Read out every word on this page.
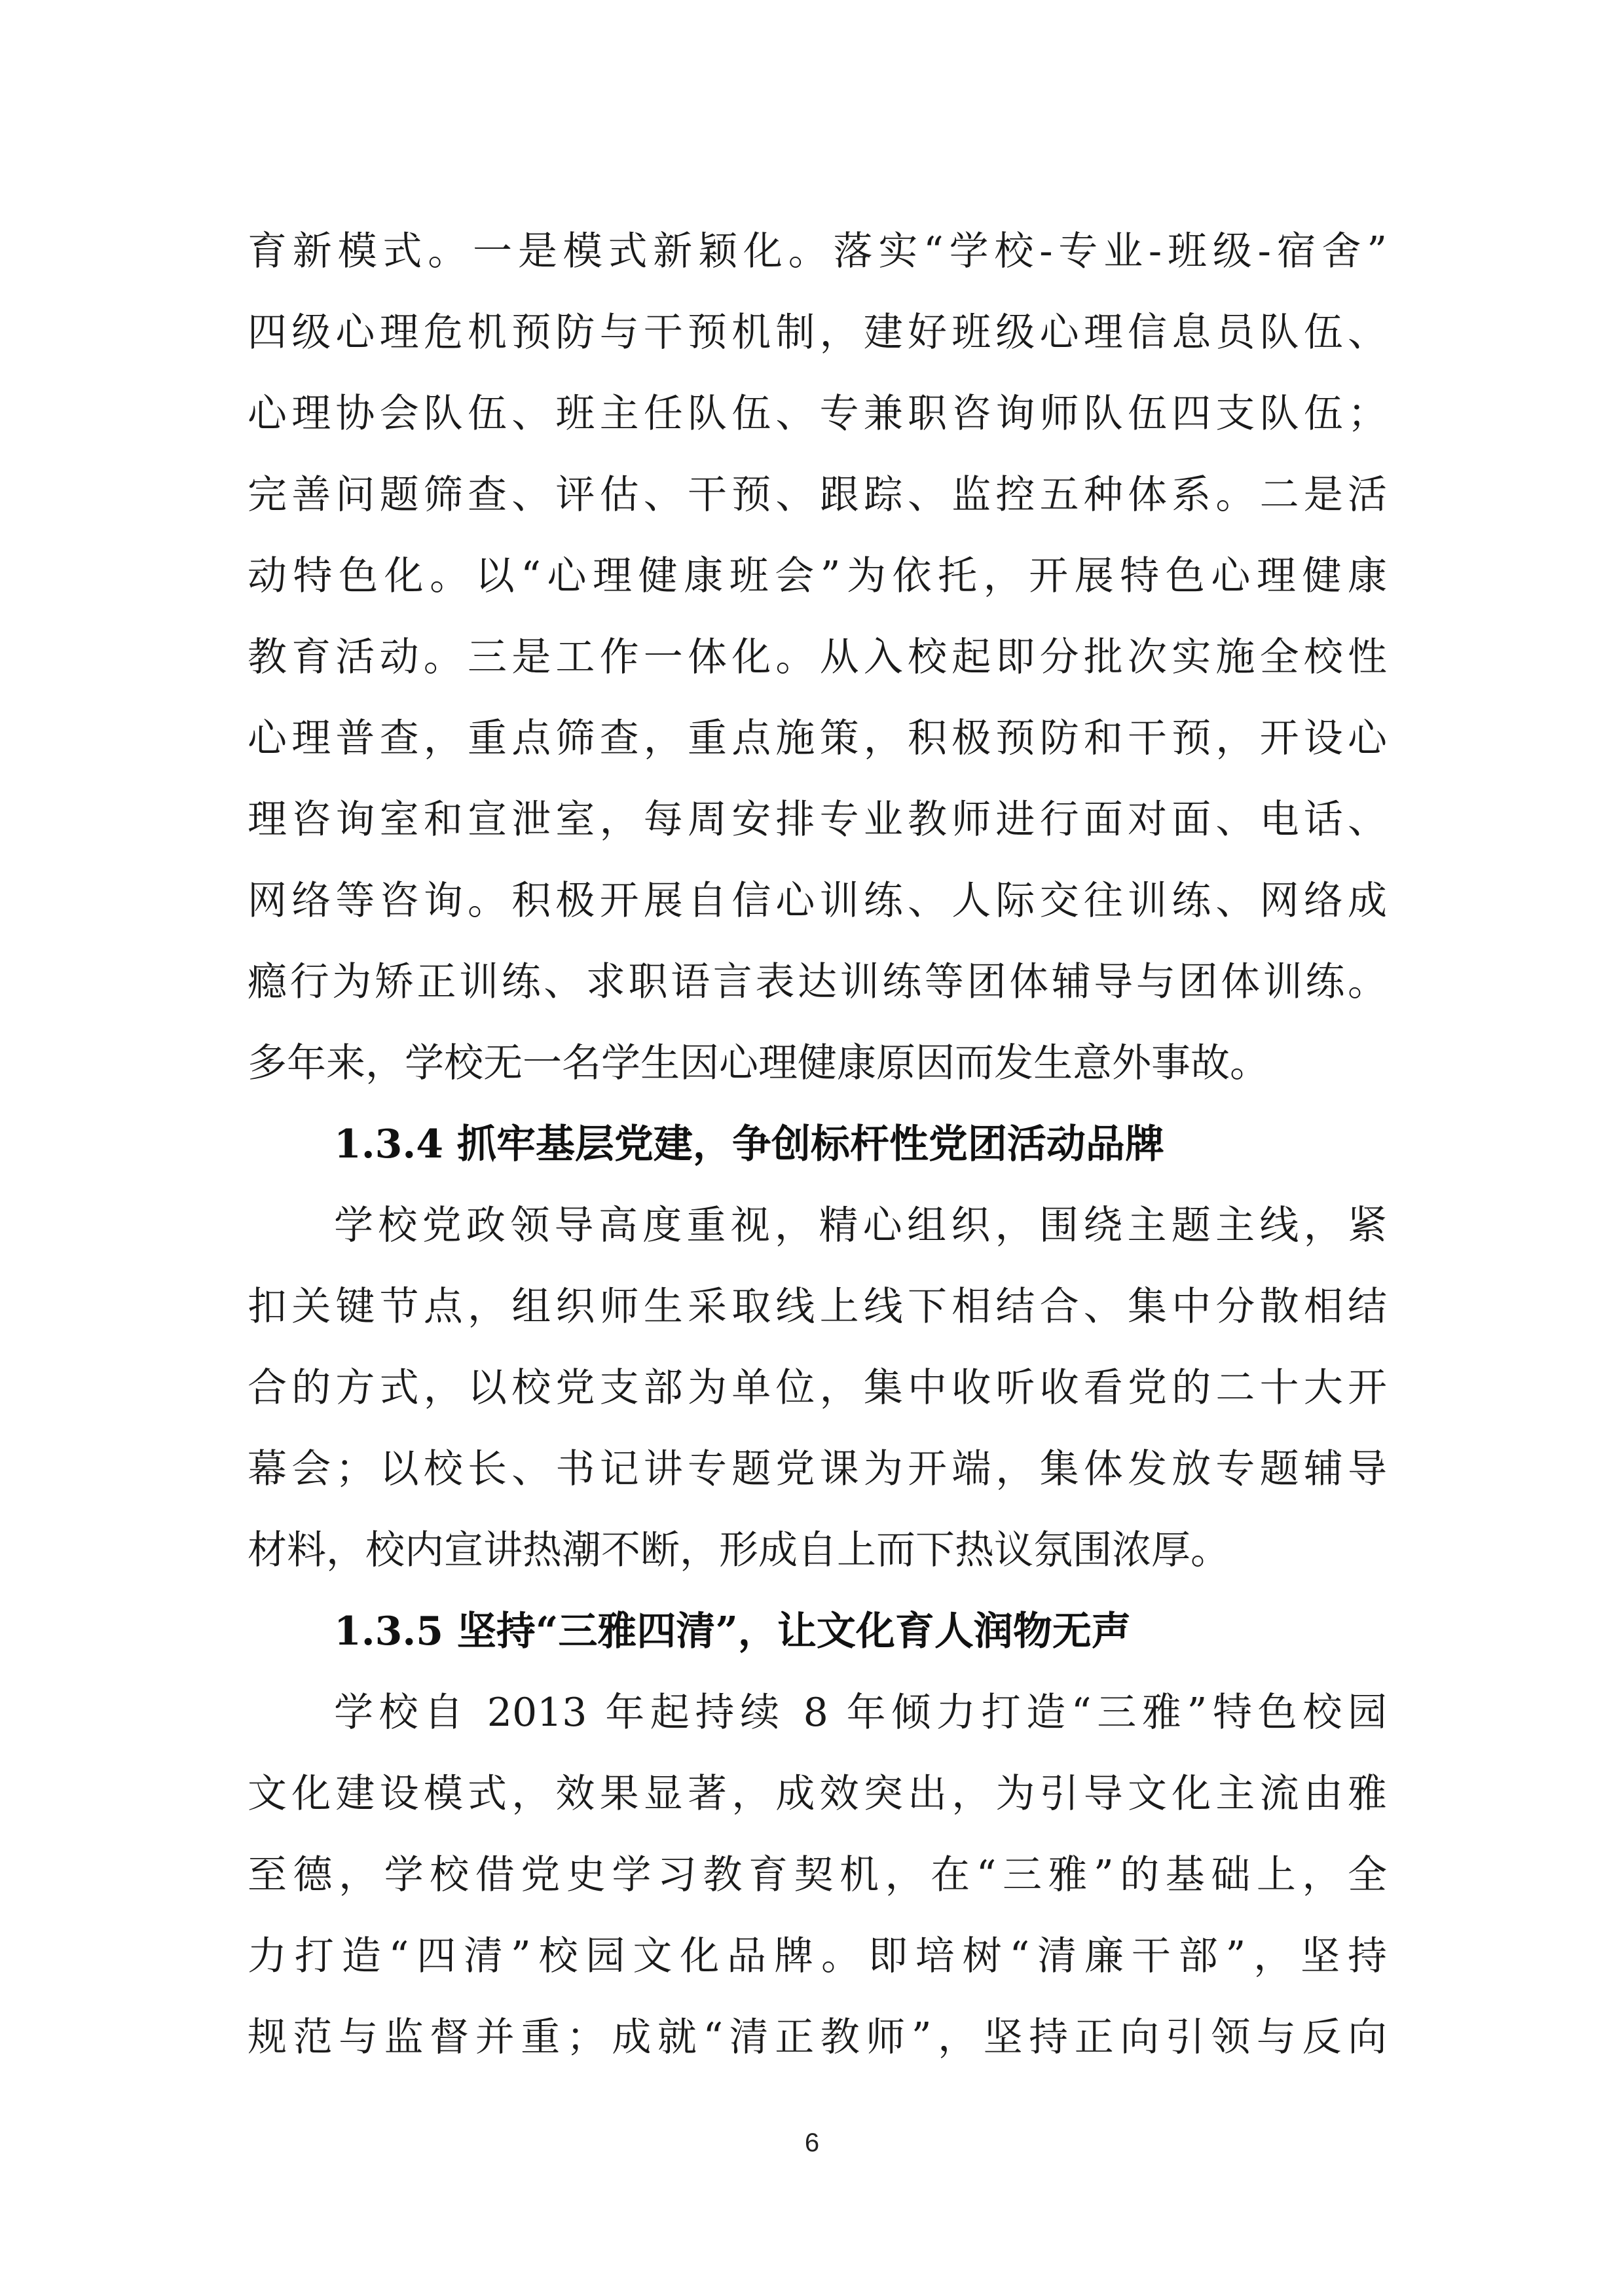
育新模式。一是模式新颖化。落实“学校-专业-班级-宿舍”
四级心理危机预防与干预机制，建好班级心理信息员队伍、
心理协会队伍、班主任队伍、专兼职咨询师队伍四支队伍；
完善问题筛查、评估、干预、跟踪、监控五种体系。二是活
动特色化。以“心理健康班会”为依托，开展特色心理健康
教育活动。三是工作一体化。从入校起即分批次实施全校性
心理普查，重点筛查，重点施策，积极预防和干预，开设心
理咨询室和宣泄室，每周安排专业教师进行面对面、电话、
网络等咨询。积极开展自信心训练、人际交往训练、网络成
瘾行为矫正训练、求职语言表达训练等团体辅导与团体训练。
多年来，学校无一名学生因心理健康原因而发生意外事故。
1.3.4 抓牢基层党建，争创标杆性党团活动品牌
学校党政领导高度重视，精心组织，围绕主题主线，紧
扣关键节点，组织师生采取线上线下相结合、集中分散相结
合的方式，以校党支部为单位，集中收听收看党的二十大开
幕会；以校长、书记讲专题党课为开端，集体发放专题辅导
材料，校内宣讲热潮不断，形成自上而下热议氛围浓厚。
1.3.5 坚持“三雅四清”，让文化育人润物无声
学校自 2013 年起持续 8 年倾力打造“三雅”特色校园
文化建设模式，效果显著，成效突出，为引导文化主流由雅
至德，学校借党史学习教育契机，在“三雅”的基础上，全
力打造“四清”校园文化品牌。即培树“清廉干部”，坚持
规范与监督并重；成就“清正教师”，坚持正向引领与反向
6
